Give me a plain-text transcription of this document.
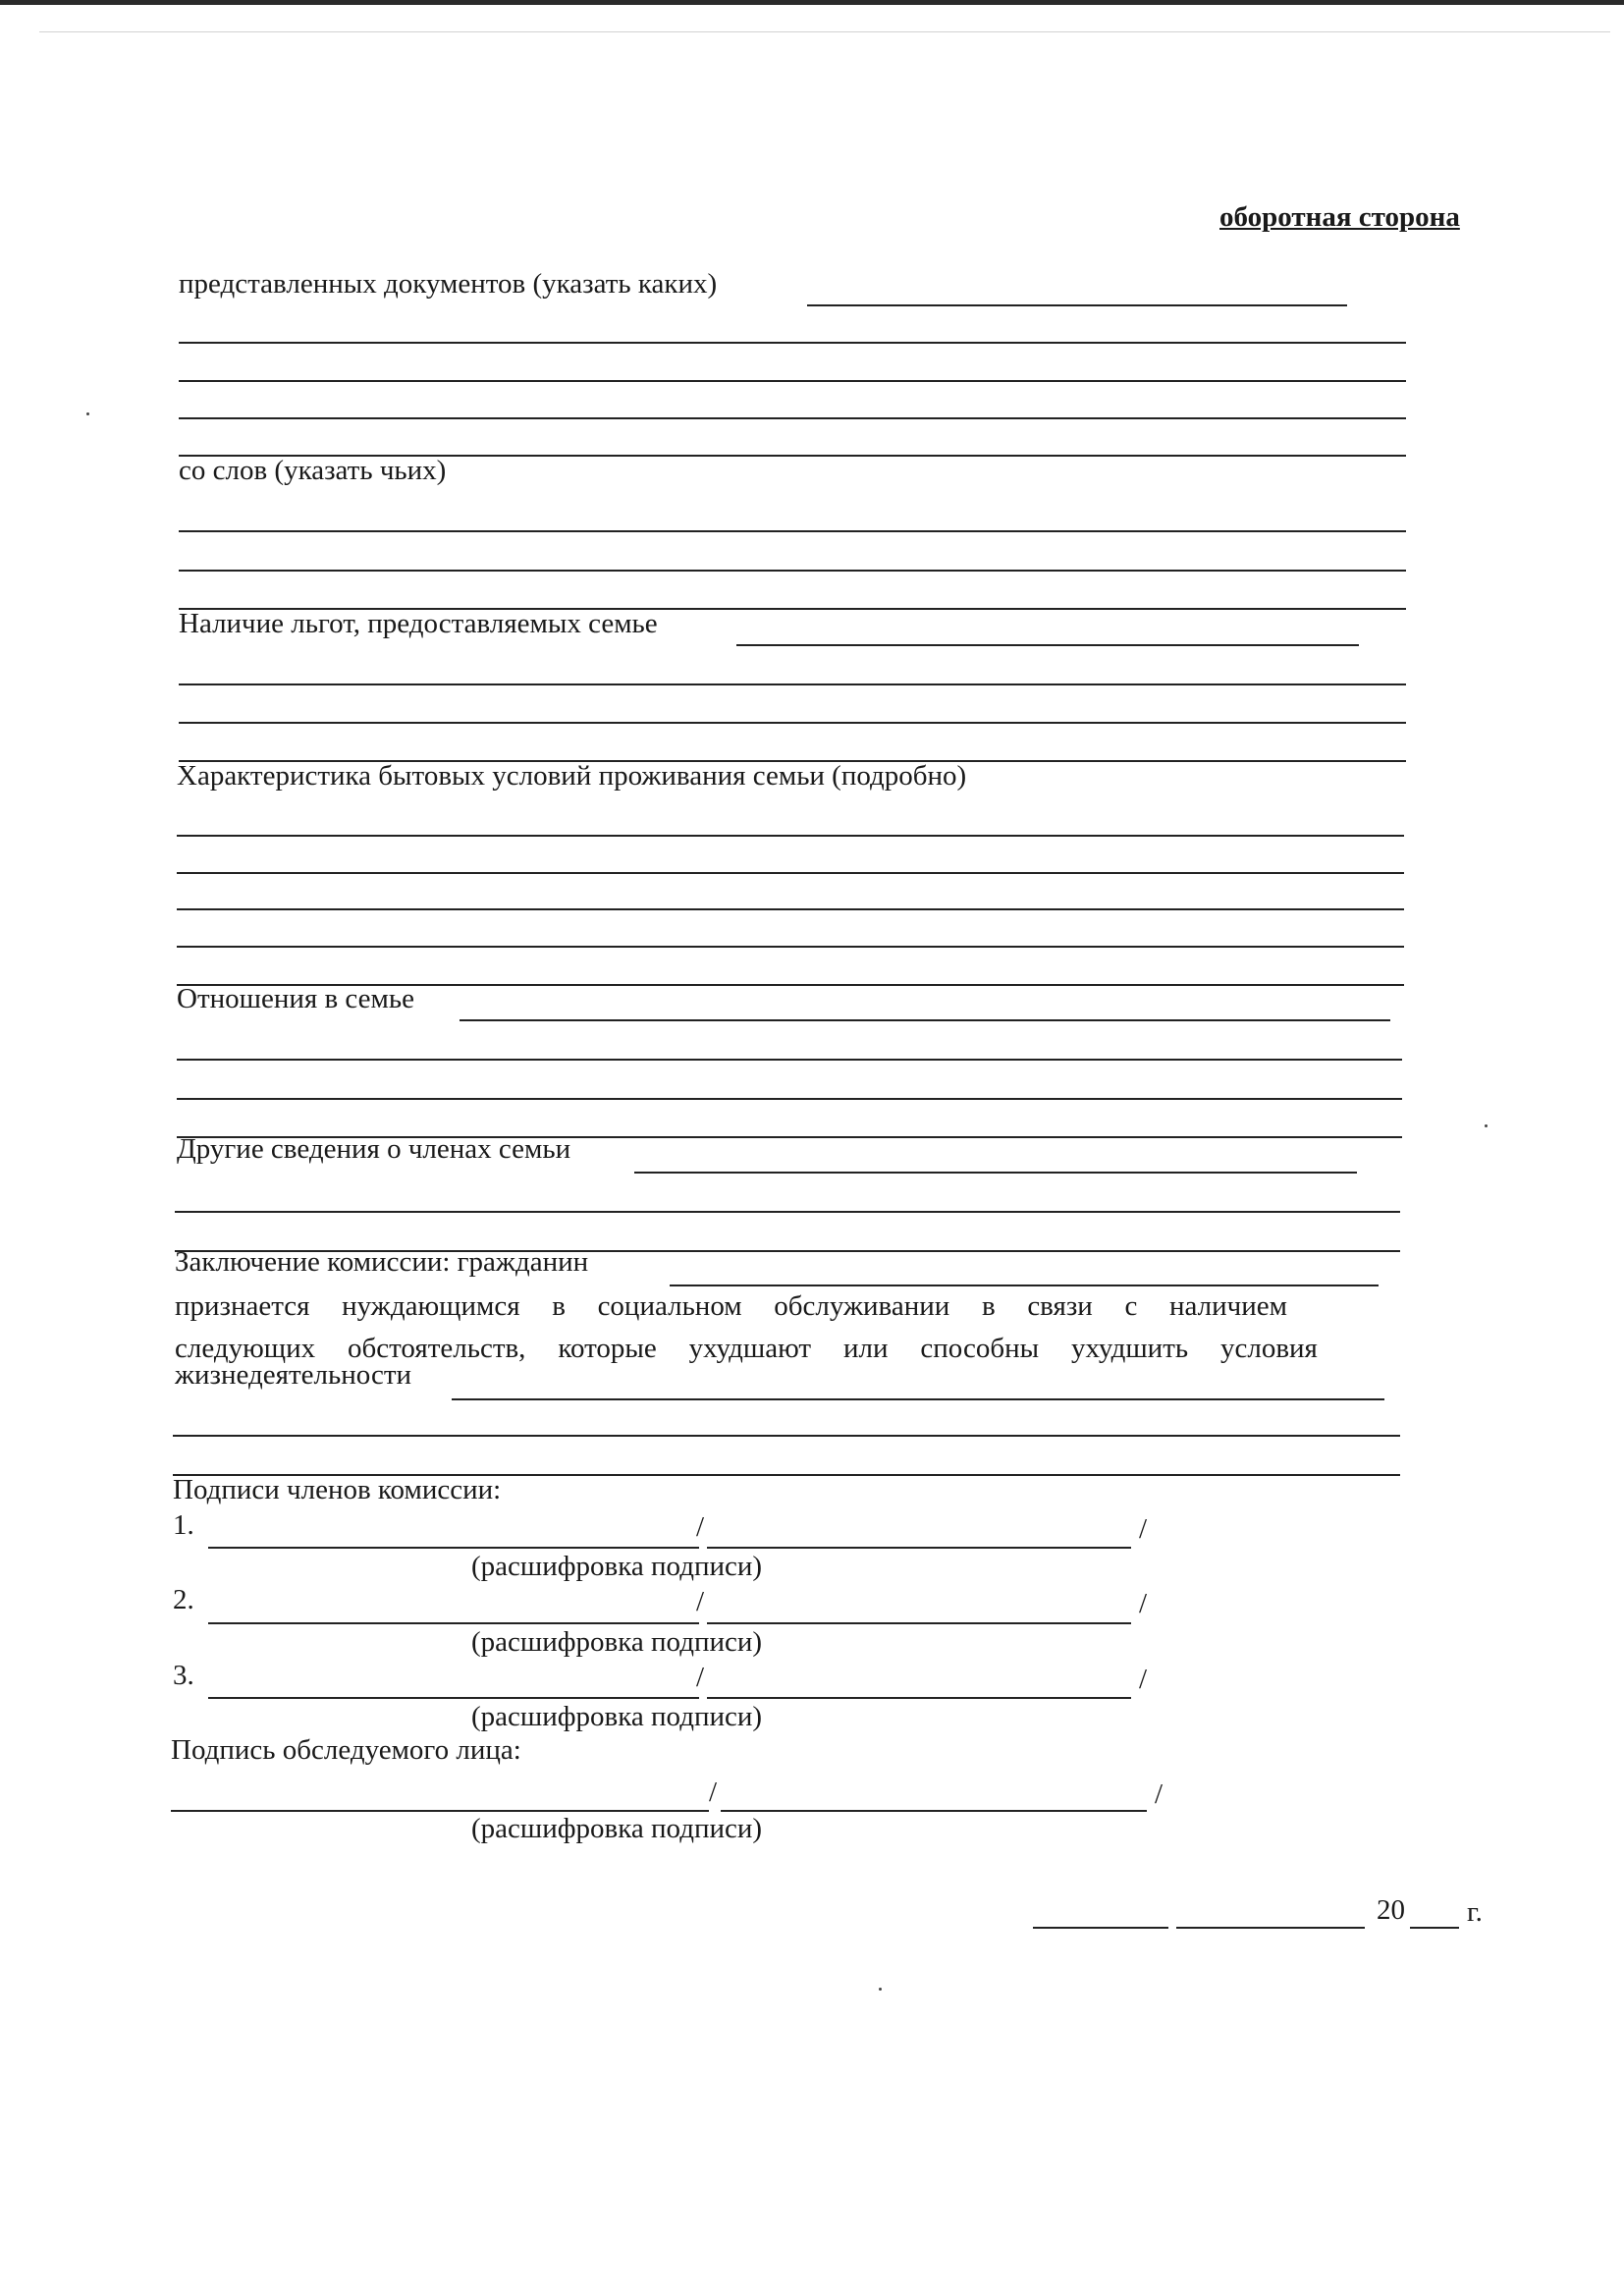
оборотная сторона
представленных документов (указать каких)
со слов (указать чьих)
Наличие льгот, предоставляемых семье
Характеристика бытовых условий проживания семьи (подробно)
Отношения в семье
Другие сведения о членах семьи
Заключение комиссии: гражданин
признается нуждающимся в социальном обслуживании в связи с наличием
следующих обстоятельств, которые ухудшают или способны ухудшить условия
жизнедеятельности
Подписи членов комиссии:
1.	/	/
(расшифровка подписи)
2.	/	/
(расшифровка подписи)
3.	/	/
(расшифровка подписи)
Подпись обследуемого лица:
/	/
(расшифровка подписи)
20 г.
